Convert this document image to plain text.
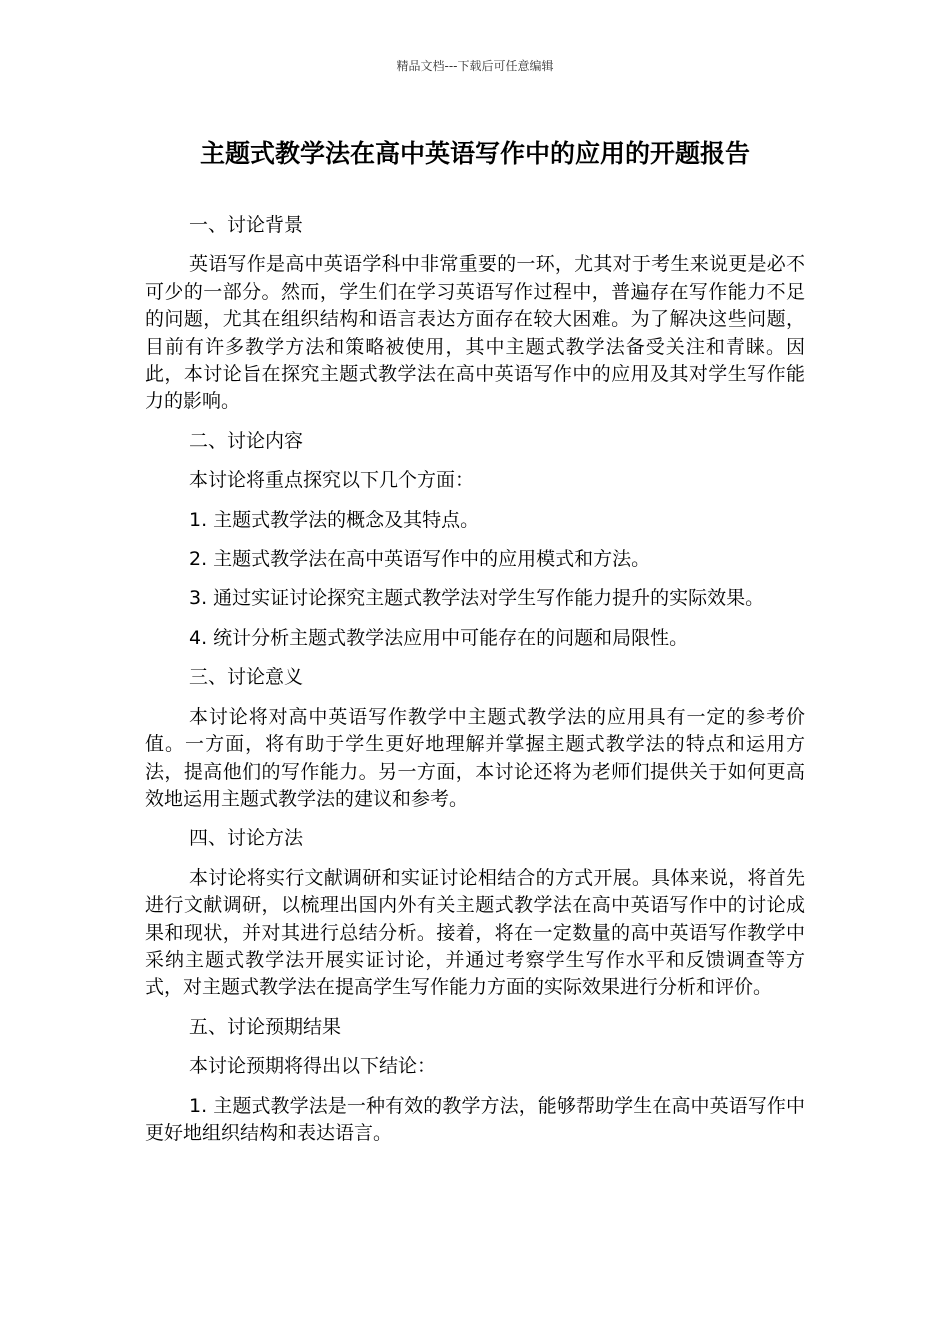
精品文档---下载后可任意编辑
主题式教学法在高中英语写作中的应用的开题报告

一、讨论背景

英语写作是高中英语学科中非常重要的一环，尤其对于考生来说更是必不可少的一部分。然而，学生们在学习英语写作过程中，普遍存在写作能力不足的问题，尤其在组织结构和语言表达方面存在较大困难。为了解决这些问题，目前有许多教学方法和策略被使用，其中主题式教学法备受关注和青睐。因此，本讨论旨在探究主题式教学法在高中英语写作中的应用及其对学生写作能力的影响。

二、讨论内容

本讨论将重点探究以下几个方面：

1. 主题式教学法的概念及其特点。

2. 主题式教学法在高中英语写作中的应用模式和方法。

3. 通过实证讨论探究主题式教学法对学生写作能力提升的实际效果。

4. 统计分析主题式教学法应用中可能存在的问题和局限性。

三、讨论意义

本讨论将对高中英语写作教学中主题式教学法的应用具有一定的参考价值。一方面，将有助于学生更好地理解并掌握主题式教学法的特点和运用方法，提高他们的写作能力。另一方面，本讨论还将为老师们提供关于如何更高效地运用主题式教学法的建议和参考。

四、讨论方法

本讨论将实行文献调研和实证讨论相结合的方式开展。具体来说，将首先进行文献调研，以梳理出国内外有关主题式教学法在高中英语写作中的讨论成果和现状，并对其进行总结分析。接着，将在一定数量的高中英语写作教学中采纳主题式教学法开展实证讨论，并通过考察学生写作水平和反馈调查等方式，对主题式教学法在提高学生写作能力方面的实际效果进行分析和评价。

五、讨论预期结果

本讨论预期将得出以下结论：

1. 主题式教学法是一种有效的教学方法，能够帮助学生在高中英语写作中更好地组织结构和表达语言。
